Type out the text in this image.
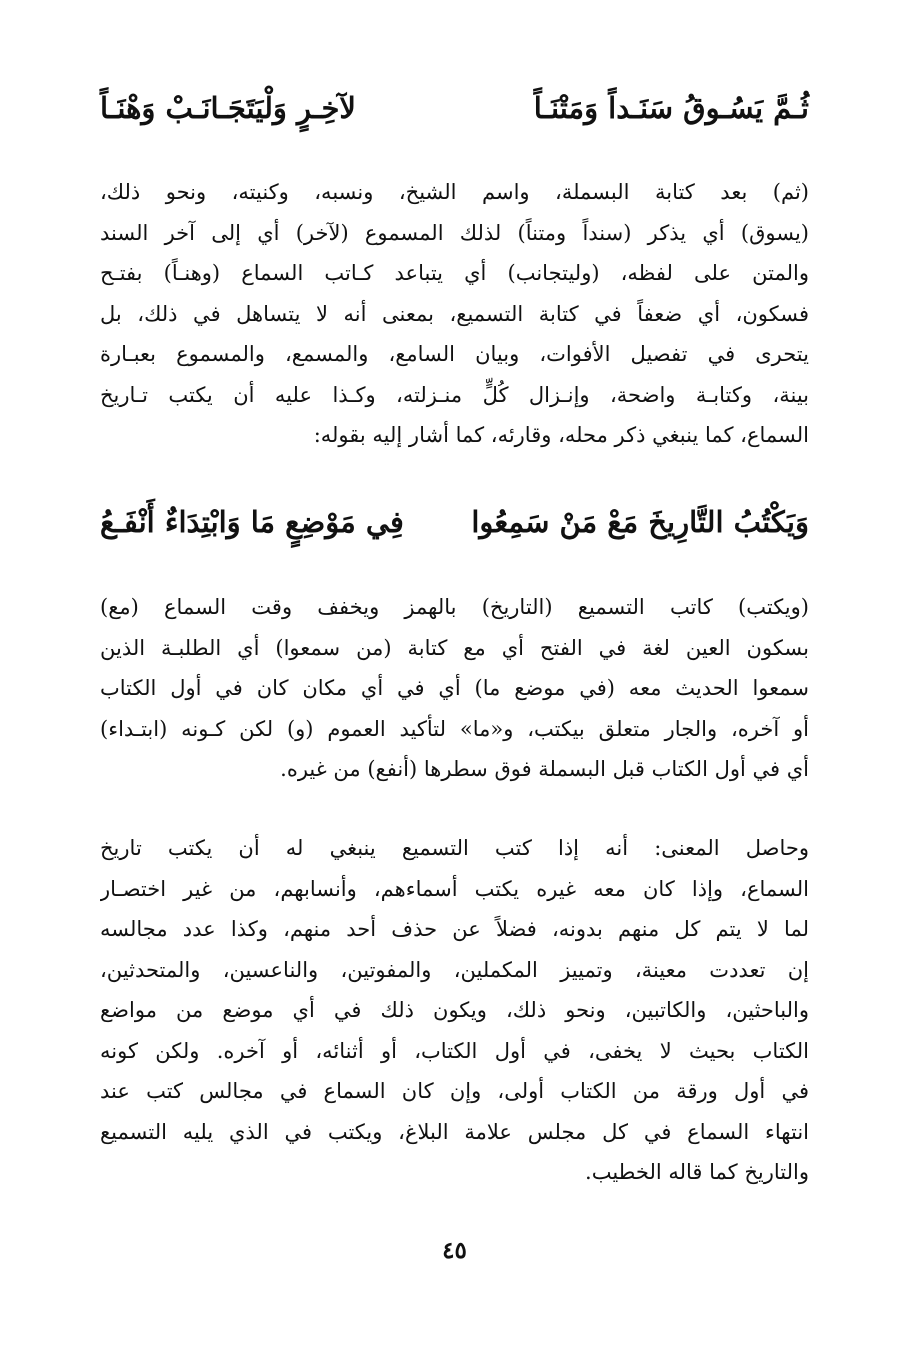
ثُـمَّ يَسُـوقُ سَنَـداً وَمَتْنَـاً
لآخِـرٍ وَلْيَتَجَـانَـبْ وَهْنَـاً

(ثم) بعد كتابة البسملة، واسم الشيخ، ونسبه، وكنيته، ونحو ذلك،
(يسوق) أي يذكر (سنداً ومتناً) لذلك المسموع (لآخر) أي إلى آخر السند
والمتن على لفظه، (وليتجانب) أي يتباعد كـاتب السماع (وهنـاً) بفتـح
فسكون، أي ضعفاً في كتابة التسميع، بمعنى أنه لا يتساهل في ذلك، بل
يتحرى في تفصيل الأفوات، وبيان السامع، والمسمع، والمسموع بعبـارة
بينة، وكتابـة واضحة، وإنـزال كُلٍّ منـزلته، وكـذا عليه أن يكتب تـاريخ
السماع، كما ينبغي ذكر محله، وقارئه، كما أشار إليه بقوله:

وَيَكْتُبُ التَّارِيخَ مَعْ مَنْ سَمِعُوا
فِي مَوْضِعٍ مَا وَابْتِدَاءٌ أَنْفَـعُ

(ويكتب) كاتب التسميع (التاريخ) بالهمز ويخفف وقت السماع (مع)
بسكون العين لغة في الفتح أي مع كتابة (من سمعوا) أي الطلبـة الذين
سمعوا الحديث معه (في موضع ما) أي في أي مكان كان في أول الكتاب
أو آخره، والجار متعلق بيكتب، و«ما» لتأكيد العموم (و) لكن كـونه (ابتـداء)
أي في أول الكتاب قبل البسملة فوق سطرها (أنفع) من غيره.

وحاصل المعنى: أنه إذا كتب التسميع ينبغي له أن يكتب تاريخ
السماع، وإذا كان معه غيره يكتب أسماءهم، وأنسابهم، من غير اختصـار
لما لا يتم كل منهم بدونه، فضلاً عن حذف أحد منهم، وكذا عدد مجالسه
إن تعددت معينة، وتمييز المكملين، والمفوتين، والناعسين، والمتحدثين،
والباحثين، والكاتبين، ونحو ذلك، ويكون ذلك في أي موضع من مواضع
الكتاب بحيث لا يخفى، في أول الكتاب، أو أثنائه، أو آخره. ولكن كونه
في أول ورقة من الكتاب أولى، وإن كان السماع في مجالس كتب عند
انتهاء السماع في كل مجلس علامة البلاغ، ويكتب في الذي يليه التسميع
والتاريخ كما قاله الخطيب.

٤٥
